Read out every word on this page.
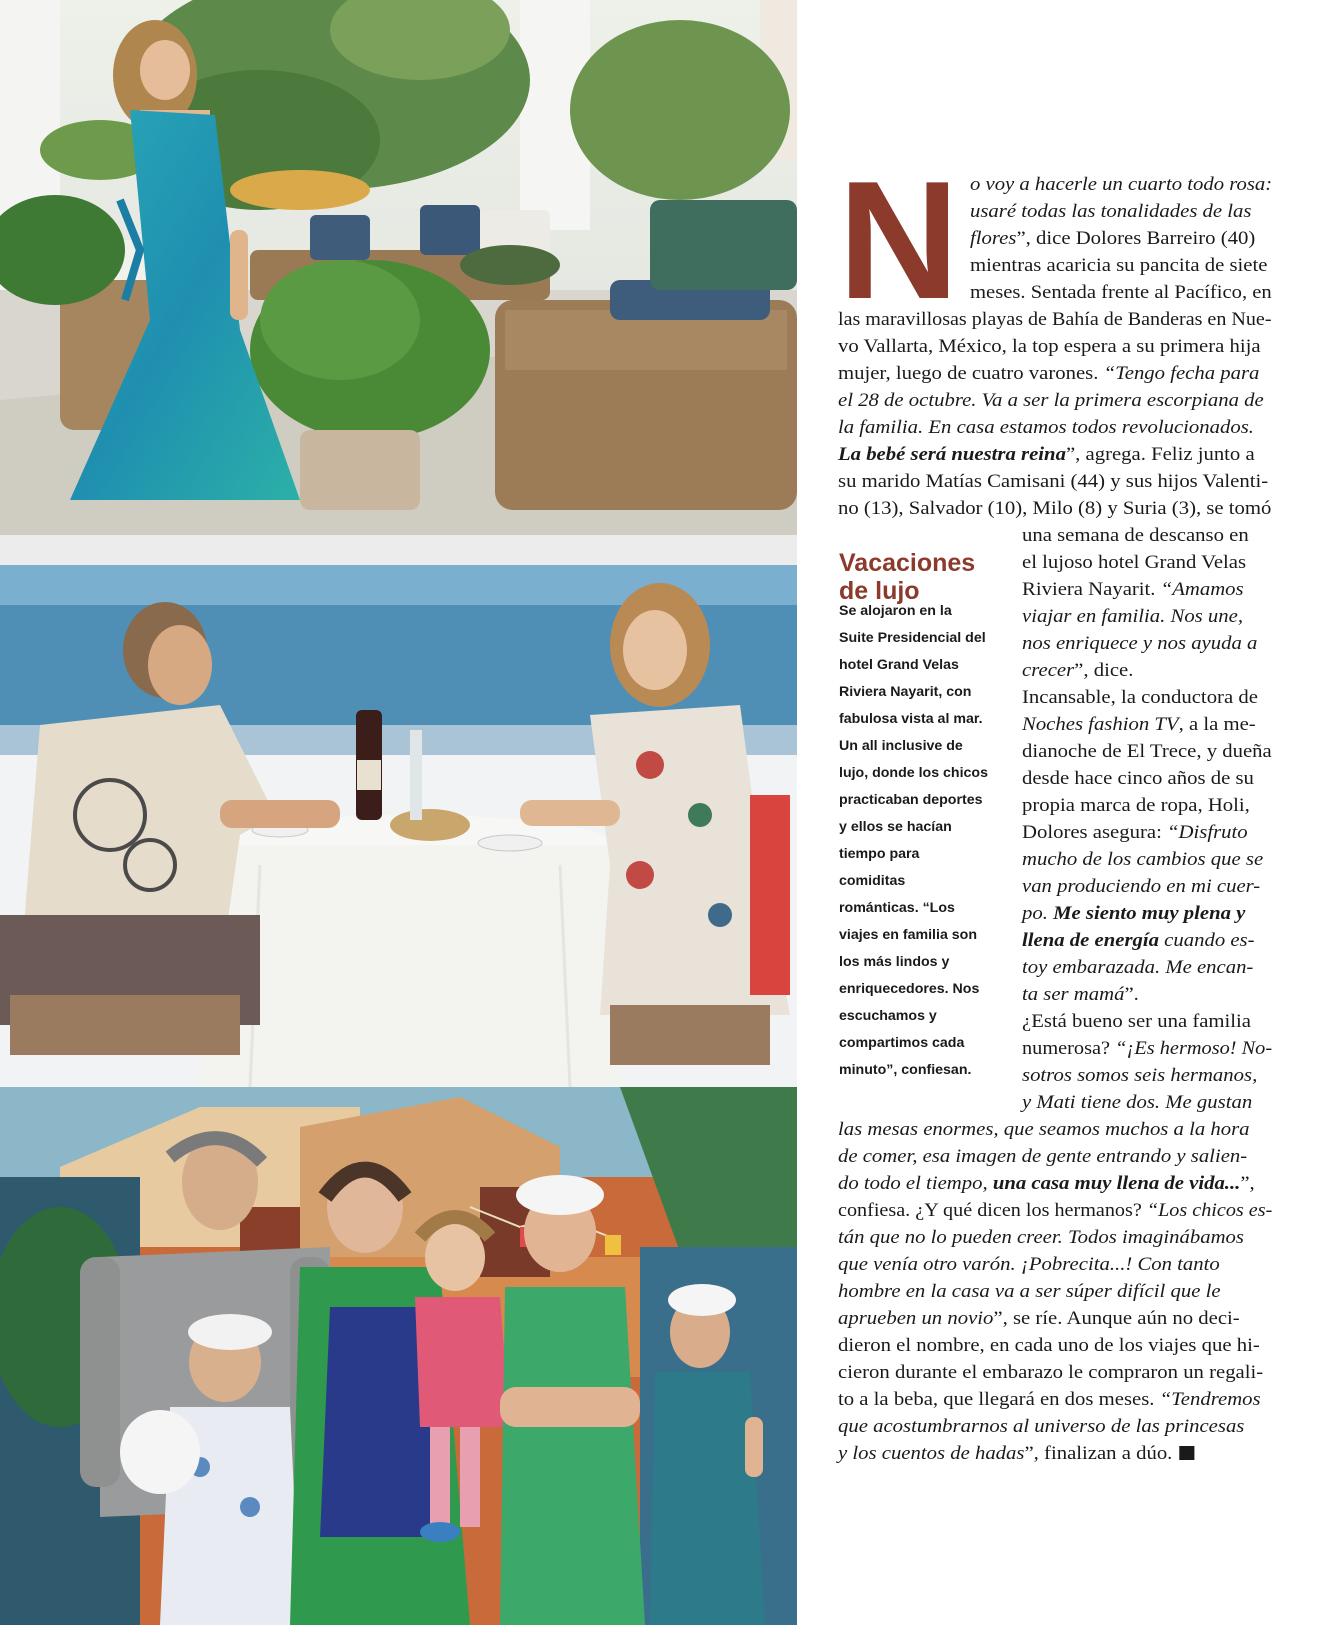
N o voy a hacerle un cuarto todo rosa:
usaré todas las tonalidades de las
flores”, dice Dolores Barreiro (40)
mientras acaricia su pancita de siete
meses. Sentada frente al Pacífico, en
las maravillosas playas de Bahía de Banderas en Nue-
vo Vallarta, México, la top espera a su primera hija
mujer, luego de cuatro varones. “Tengo fecha para
el 28 de octubre. Va a ser la primera escorpiana de
la familia. En casa estamos todos revolucionados.
La bebé será nuestra reina”, agrega. Feliz junto a
su marido Matías Camisani (44) y sus hijos Valenti-
no (13), Salvador (10), Milo (8) y Suria (3), se tomó
una semana de descanso en
el lujoso hotel Grand Velas
Riviera Nayarit. “Amamos
viajar en familia. Nos une,
nos enriquece y nos ayuda a
crecer”, dice.
Incansable, la conductora de
Noches fashion TV, a la me-
dianoche de El Trece, y dueña
desde hace cinco años de su
propia marca de ropa, Holi,
Dolores asegura: “Disfruto
mucho de los cambios que se
van produciendo en mi cuer-
po. Me siento muy plena y
llena de energía cuando es-
toy embarazada. Me encan-
ta ser mamá”.
¿Está bueno ser una familia
numerosa? “¡Es hermoso! No-
sotros somos seis hermanos,
y Mati tiene dos. Me gustan
las mesas enormes, que seamos muchos a la hora
de comer, esa imagen de gente entrando y salien-
do todo el tiempo, una casa muy llena de vida...”,
confiesa. ¿Y qué dicen los hermanos? “Los chicos es-
tán que no lo pueden creer. Todos imaginábamos
que venía otro varón. ¡Pobrecita...! Con tanto
hombre en la casa va a ser súper difícil que le
aprueben un novio”, se ríe. Aunque aún no deci-
dieron el nombre, en cada uno de los viajes que hi-
cieron durante el embarazo le compraron un regali-
to a la beba, que llegará en dos meses. “Tendremos
que acostumbrarnos al universo de las princesas
y los cuentos de hadas”, finalizan a dúo.
Vacaciones
de lujo
Se alojaron en la
Suite Presidencial del
hotel Grand Velas
Riviera Nayarit, con
fabulosa vista al mar.
Un all inclusive de
lujo, donde los chicos
practicaban deportes
y ellos se hacían
tiempo para
comiditas
románticas. “Los
viajes en familia son
los más lindos y
enriquecedores. Nos
escuchamos y
compartimos cada
minuto”, confiesan.
